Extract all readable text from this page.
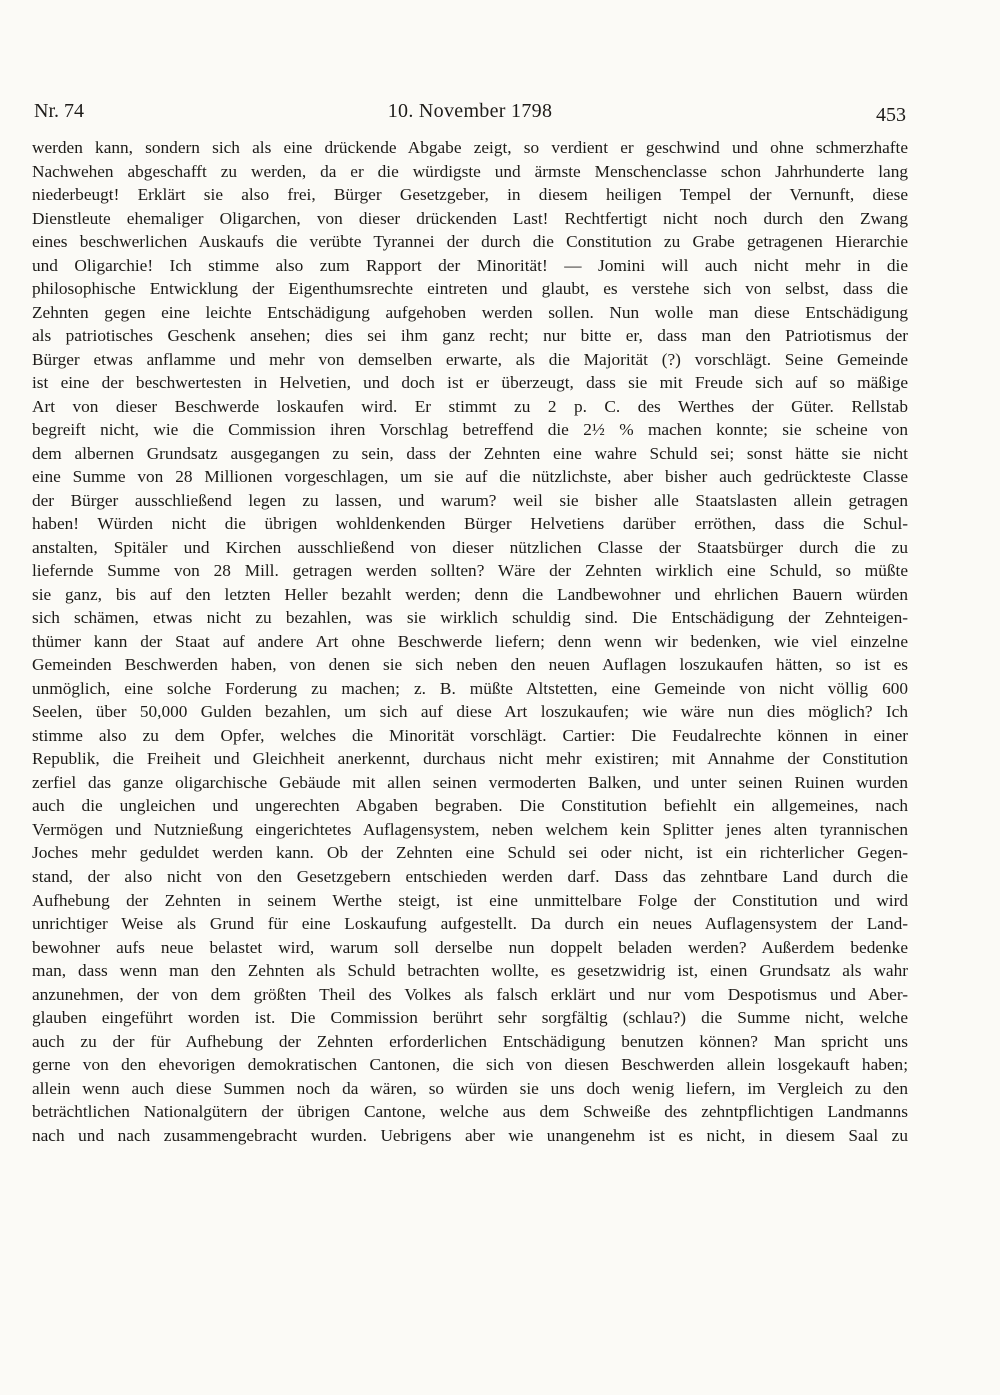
Nr. 74	10. November 1798	453
werden kann, sondern sich als eine drückende Abgabe zeigt, so verdient er geschwind und ohne schmerzhafte
Nachwehen abgeschafft zu werden, da er die würdigste und ärmste Menschenclasse schon Jahrhunderte lang
niederbeugt! Erklärt sie also frei, Bürger Gesetzgeber, in diesem heiligen Tempel der Vernunft, diese
Dienstleute ehemaliger Oligarchen, von dieser drückenden Last! Rechtfertigt nicht noch durch den Zwang
eines beschwerlichen Auskaufs die verübte Tyrannei der durch die Constitution zu Grabe getragenen Hierarchie
und Oligarchie! Ich stimme also zum Rapport der Minorität! — Jomini will auch nicht mehr in die
philosophische Entwicklung der Eigenthumsrechte eintreten und glaubt, es verstehe sich von selbst, dass die
Zehnten gegen eine leichte Entschädigung aufgehoben werden sollen. Nun wolle man diese Entschädigung
als patriotisches Geschenk ansehen; dies sei ihm ganz recht; nur bitte er, dass man den Patriotismus der
Bürger etwas anflamme und mehr von demselben erwarte, als die Majorität (?) vorschlägt. Seine Gemeinde
ist eine der beschwertesten in Helvetien, und doch ist er überzeugt, dass sie mit Freude sich auf so mäßige
Art von dieser Beschwerde loskaufen wird. Er stimmt zu 2 p. C. des Werthes der Güter. Rellstab
begreift nicht, wie die Commission ihren Vorschlag betreffend die 2½ % machen konnte; sie scheine von
dem albernen Grundsatz ausgegangen zu sein, dass der Zehnten eine wahre Schuld sei; sonst hätte sie nicht
eine Summe von 28 Millionen vorgeschlagen, um sie auf die nützlichste, aber bisher auch gedrückteste Classe
der Bürger ausschließend legen zu lassen, und warum? weil sie bisher alle Staatslasten allein getragen
haben! Würden nicht die übrigen wohldenkenden Bürger Helvetiens darüber erröthen, dass die Schul-
anstalten, Spitäler und Kirchen ausschließend von dieser nützlichen Classe der Staatsbürger durch die zu
liefernde Summe von 28 Mill. getragen werden sollten? Wäre der Zehnten wirklich eine Schuld, so müßte
sie ganz, bis auf den letzten Heller bezahlt werden; denn die Landbewohner und ehrlichen Bauern würden
sich schämen, etwas nicht zu bezahlen, was sie wirklich schuldig sind. Die Entschädigung der Zehnteigen-
thümer kann der Staat auf andere Art ohne Beschwerde liefern; denn wenn wir bedenken, wie viel einzelne
Gemeinden Beschwerden haben, von denen sie sich neben den neuen Auflagen loszukaufen hätten, so ist es
unmöglich, eine solche Forderung zu machen; z. B. müßte Altstetten, eine Gemeinde von nicht völlig 600
Seelen, über 50,000 Gulden bezahlen, um sich auf diese Art loszukaufen; wie wäre nun dies möglich? Ich
stimme also zu dem Opfer, welches die Minorität vorschlägt. Cartier: Die Feudalrechte können in einer
Republik, die Freiheit und Gleichheit anerkennt, durchaus nicht mehr existiren; mit Annahme der Constitution
zerfiel das ganze oligarchische Gebäude mit allen seinen vermoderten Balken, und unter seinen Ruinen wurden
auch die ungleichen und ungerechten Abgaben begraben. Die Constitution befiehlt ein allgemeines, nach
Vermögen und Nutznießung eingerichtetes Auflagensystem, neben welchem kein Splitter jenes alten tyrannischen
Joches mehr geduldet werden kann. Ob der Zehnten eine Schuld sei oder nicht, ist ein richterlicher Gegen-
stand, der also nicht von den Gesetzgebern entschieden werden darf. Dass das zehntbare Land durch die
Aufhebung der Zehnten in seinem Werthe steigt, ist eine unmittelbare Folge der Constitution und wird
unrichtiger Weise als Grund für eine Loskaufung aufgestellt. Da durch ein neues Auflagensystem der Land-
bewohner aufs neue belastet wird, warum soll derselbe nun doppelt beladen werden? Außerdem bedenke
man, dass wenn man den Zehnten als Schuld betrachten wollte, es gesetzwidrig ist, einen Grundsatz als wahr
anzunehmen, der von dem größten Theil des Volkes als falsch erklärt und nur vom Despotismus und Aber-
glauben eingeführt worden ist. Die Commission berührt sehr sorgfältig (schlau?) die Summe nicht, welche
auch zu der für Aufhebung der Zehnten erforderlichen Entschädigung benutzen können? Man spricht uns
gerne von den ehevorigen demokratischen Cantonen, die sich von diesen Beschwerden allein losgekauft haben;
allein wenn auch diese Summen noch da wären, so würden sie uns doch wenig liefern, im Vergleich zu den
beträchtlichen Nationalgütern der übrigen Cantone, welche aus dem Schweiße des zehntpflichtigen Landmanns
nach und nach zusammengebracht wurden. Uebrigens aber wie unangenehm ist es nicht, in diesem Saal zu
